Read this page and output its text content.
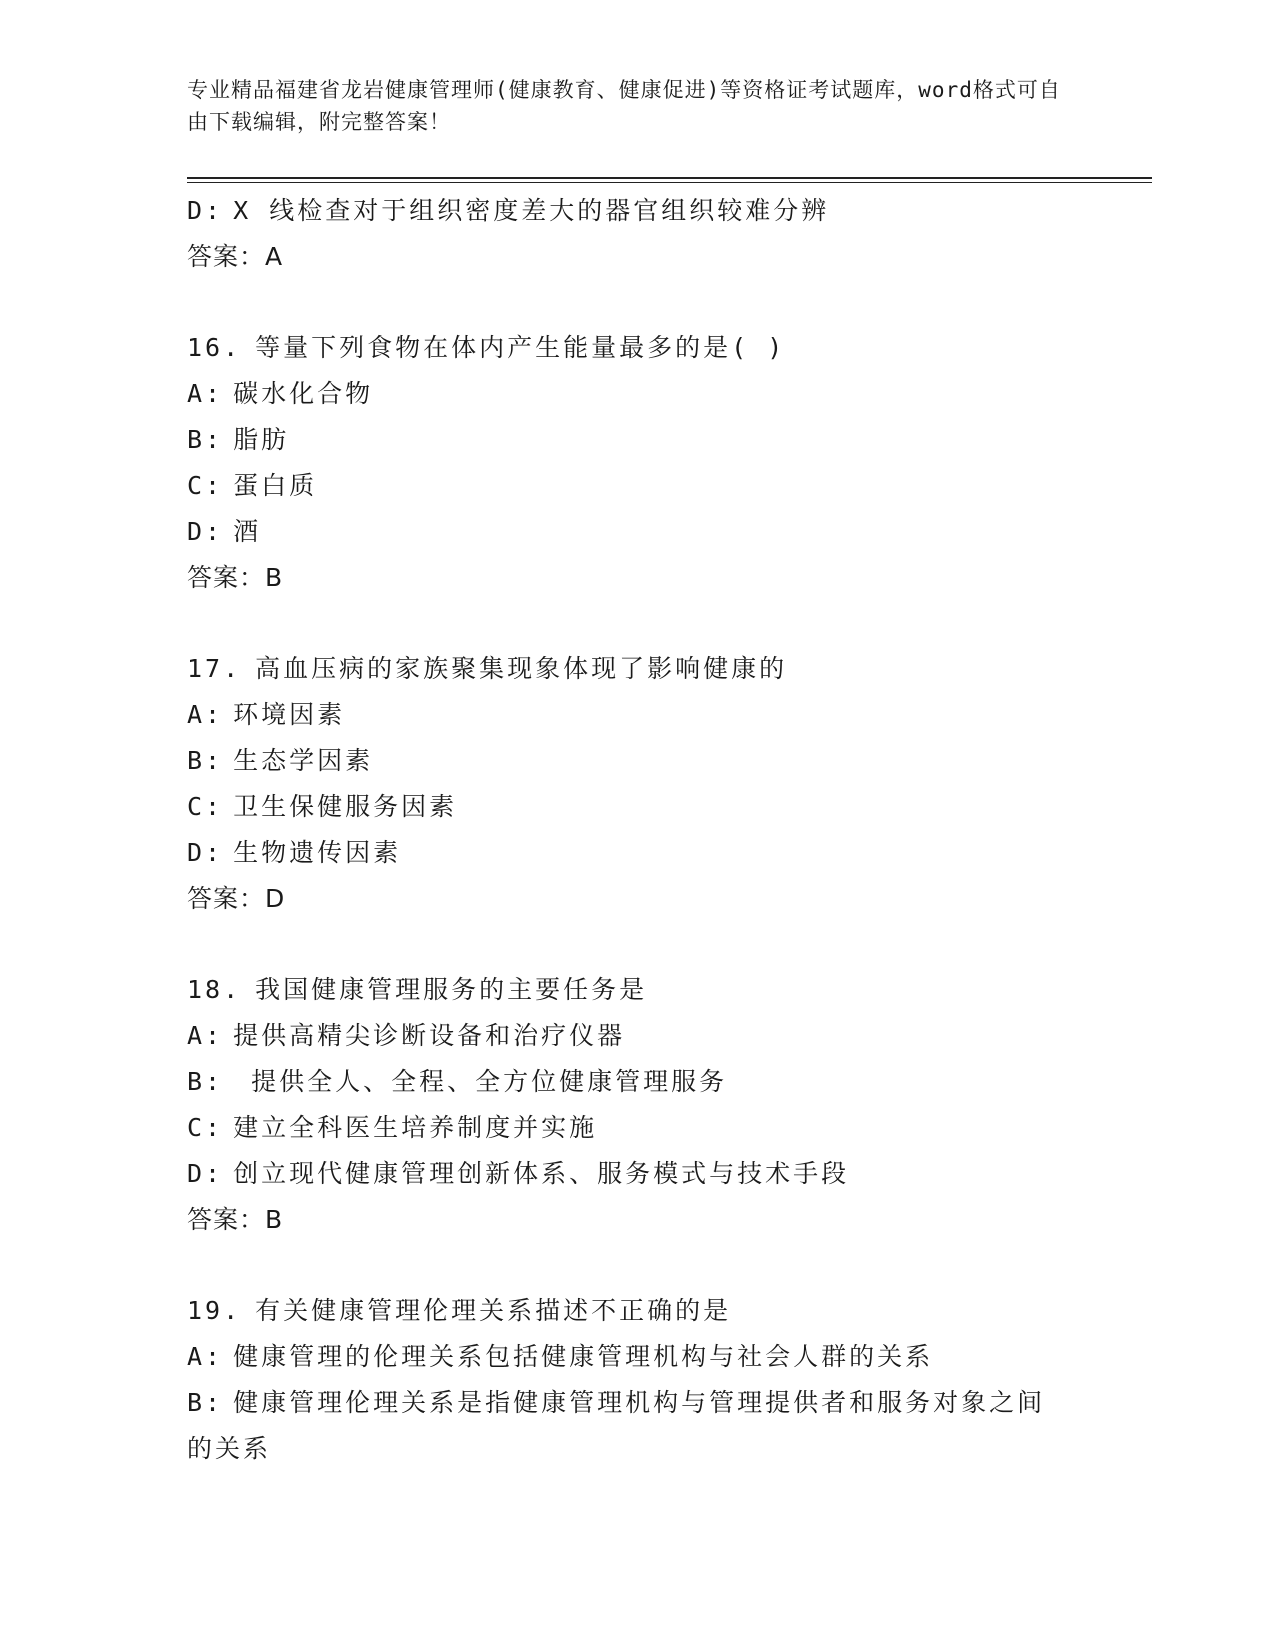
专业精品福建省龙岩健康管理师(健康教育、健康促进)等资格证考试题库，word格式可自由下载编辑，附完整答案！
D: X 线检查对于组织密度差大的器官组织较难分辨
答案：A
16. 等量下列食物在体内产生能量最多的是( )
A: 碳水化合物
B: 脂肪
C: 蛋白质
D: 酒
答案：B
17. 高血压病的家族聚集现象体现了影响健康的
A: 环境因素
B: 生态学因素
C: 卫生保健服务因素
D: 生物遗传因素
答案：D
18. 我国健康管理服务的主要任务是
A: 提供高精尖诊断设备和治疗仪器
B: 提供全人、全程、全方位健康管理服务
C: 建立全科医生培养制度并实施
D: 创立现代健康管理创新体系、服务模式与技术手段
答案：B
19. 有关健康管理伦理关系描述不正确的是
A: 健康管理的伦理关系包括健康管理机构与社会人群的关系
B: 健康管理伦理关系是指健康管理机构与管理提供者和服务对象之间的关系
